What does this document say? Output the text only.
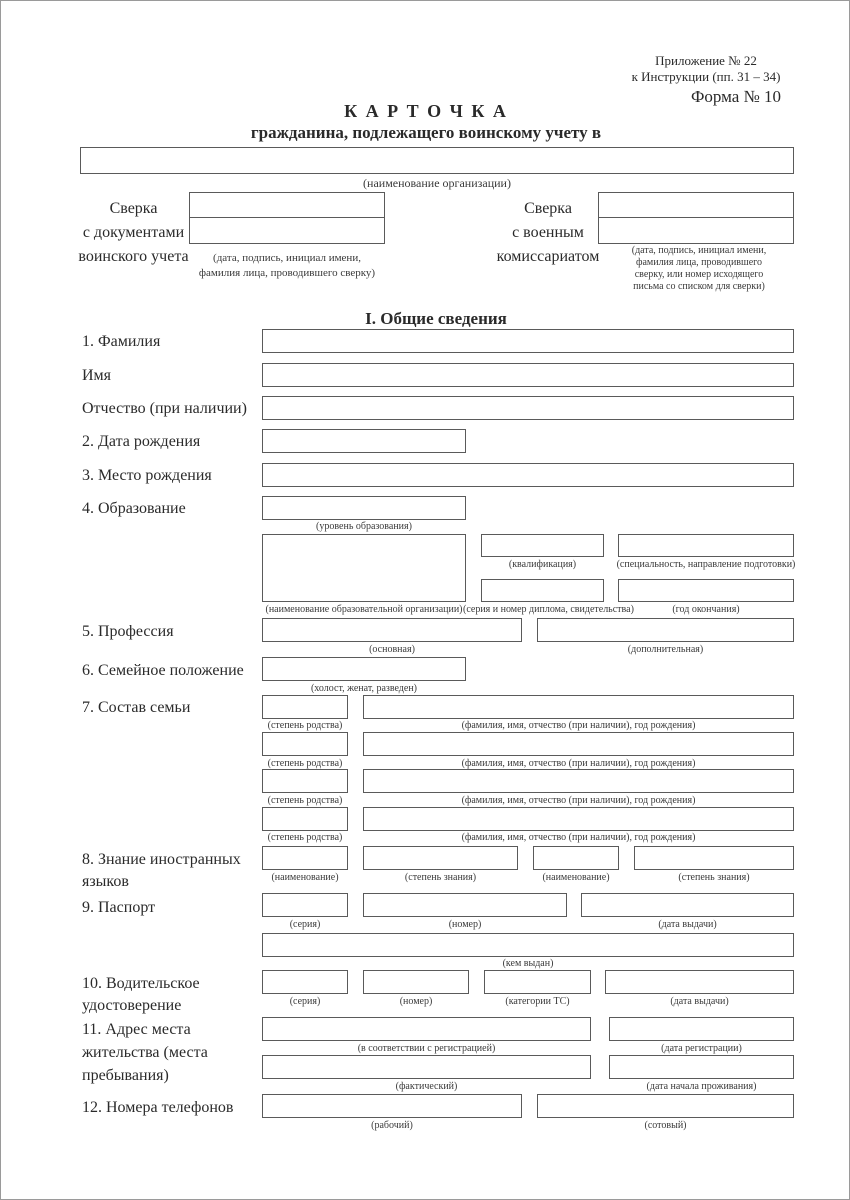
Приложение № 22
к Инструкции (пп. 31 – 34)
Форма № 10
К А Р Т О Ч К А
гражданина, подлежащего воинскому учету в
(наименование организации)
Сверка
с документами
воинского учета	(дата, подпись, инициал имени,
фамилия лица, проводившего сверку)
Сверка
с военным
комиссариатом	(дата, подпись, инициал имени,
фамилия лица, проводившего
сверку, или номер исходящего
письма со списком для сверки)
I. Общие сведения
1. Фамилия
Имя
Отчество (при наличии)
2. Дата рождения
3. Место рождения
4. Образование
(уровень образования)
(наименование образовательной организации)
(квалификация)	(специальность, направление подготовки)
(серия и номер диплома, свидетельства)	(год окончания)
5. Профессия
(основная)	(дополнительная)
6. Семейное положение
(холост, женат, разведен)
7. Состав семьи
(степень родства)	(фамилия, имя, отчество (при наличии), год рождения)
(степень родства)	(фамилия, имя, отчество (при наличии), год рождения)
(степень родства)	(фамилия, имя, отчество (при наличии), год рождения)
(степень родства)	(фамилия, имя, отчество (при наличии), год рождения)
8. Знание иностранных
языков	(наименование)	(степень знания)	(наименование)	(степень знания)
9. Паспорт
(серия)	(номер)	(дата выдачи)
(кем выдан)
10. Водительское
удостоверение	(серия)	(номер)	(категории ТС)	(дата выдачи)
11. Адрес места
жительства (места
пребывания)
(в соответствии с регистрацией)	(дата регистрации)
(фактический)	(дата начала проживания)
12. Номера телефонов
(рабочий)	(сотовый)
